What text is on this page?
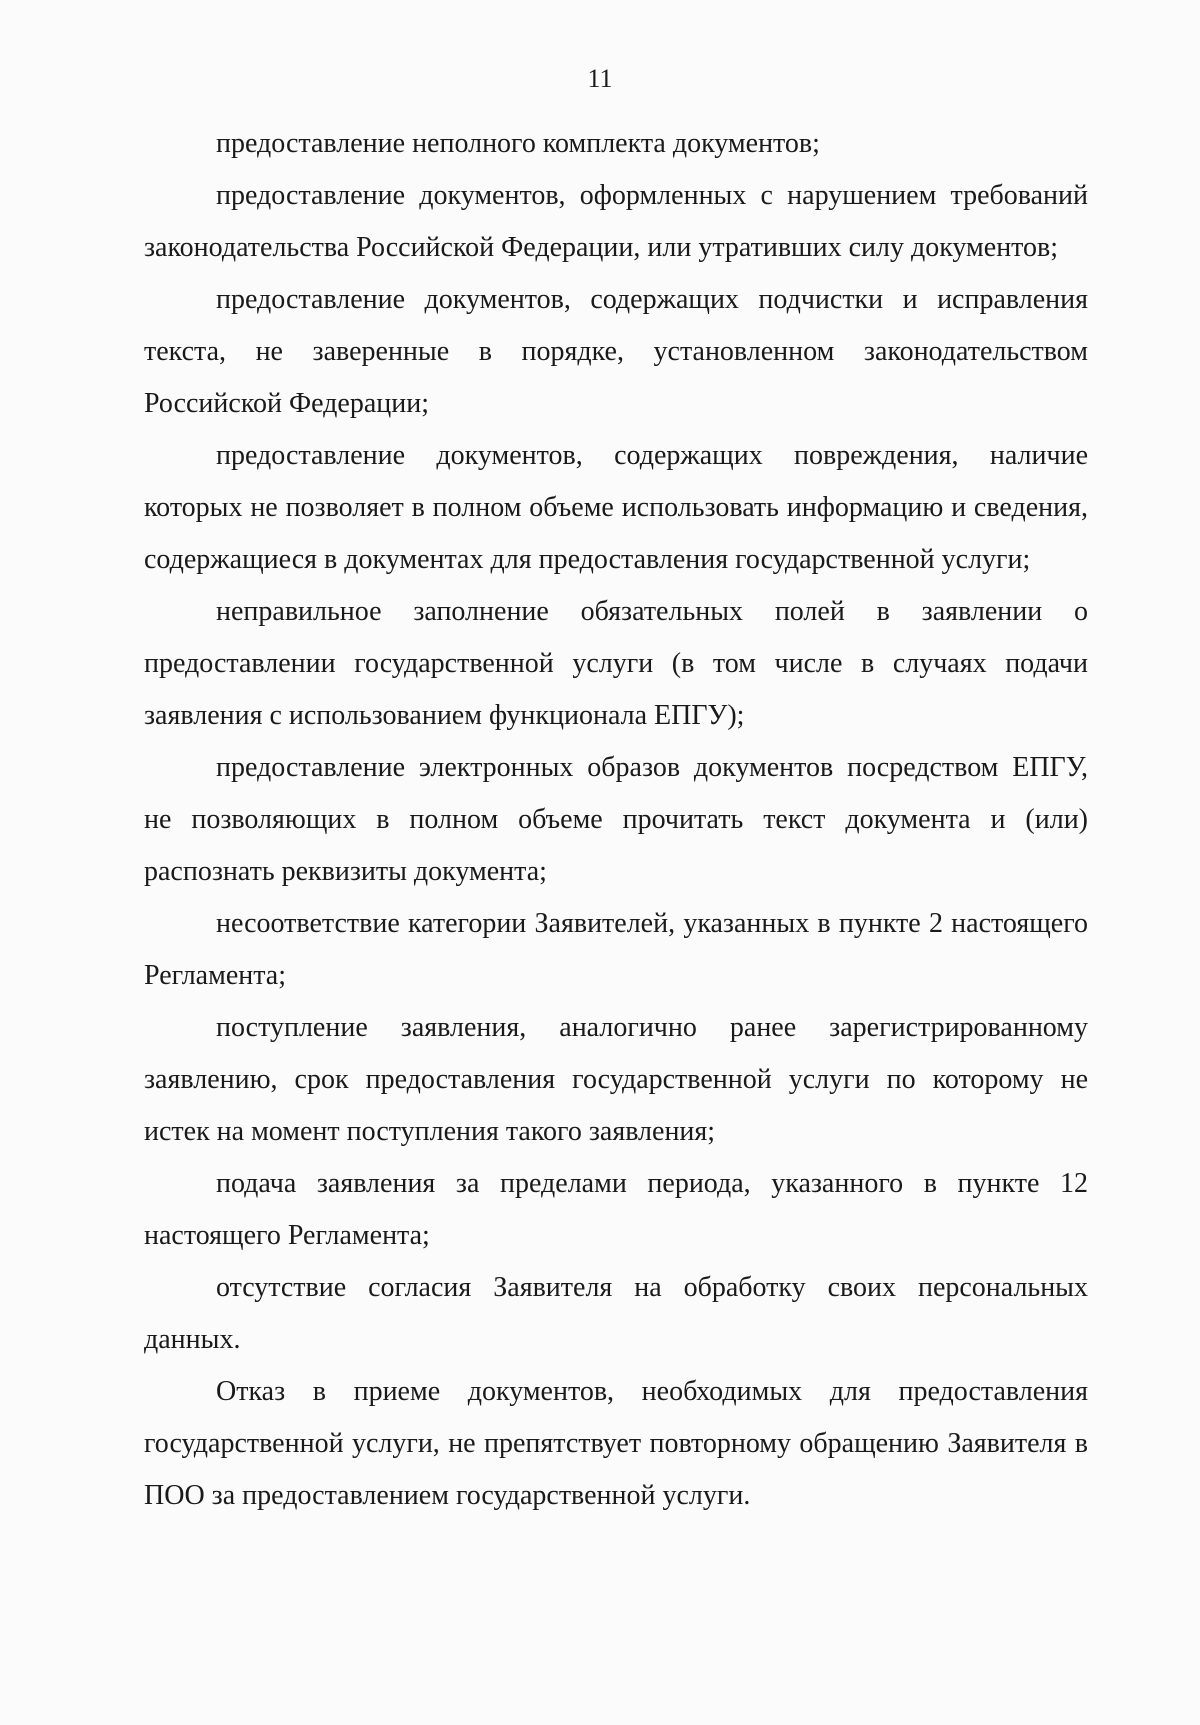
11

предоставление неполного комплекта документов;

предоставление документов, оформленных с нарушением требований законодательства Российской Федерации, или утративших силу документов;

предоставление документов, содержащих подчистки и исправления текста, не заверенные в порядке, установленном законодательством Российской Федерации;

предоставление документов, содержащих повреждения, наличие которых не позволяет в полном объеме использовать информацию и сведения, содержащиеся в документах для предоставления государственной услуги;

неправильное заполнение обязательных полей в заявлении о предоставлении государственной услуги (в том числе в случаях подачи заявления с использованием функционала ЕПГУ);

предоставление электронных образов документов посредством ЕПГУ, не позволяющих в полном объеме прочитать текст документа и (или) распознать реквизиты документа;

несоответствие категории Заявителей, указанных в пункте 2 настоящего Регламента;

поступление заявления, аналогично ранее зарегистрированному заявлению, срок предоставления государственной услуги по которому не истек на момент поступления такого заявления;

подача заявления за пределами периода, указанного в пункте 12 настоящего Регламента;

отсутствие согласия Заявителя на обработку своих персональных данных.

Отказ в приеме документов, необходимых для предоставления государственной услуги, не препятствует повторному обращению Заявителя в ПОО за предоставлением государственной услуги.
